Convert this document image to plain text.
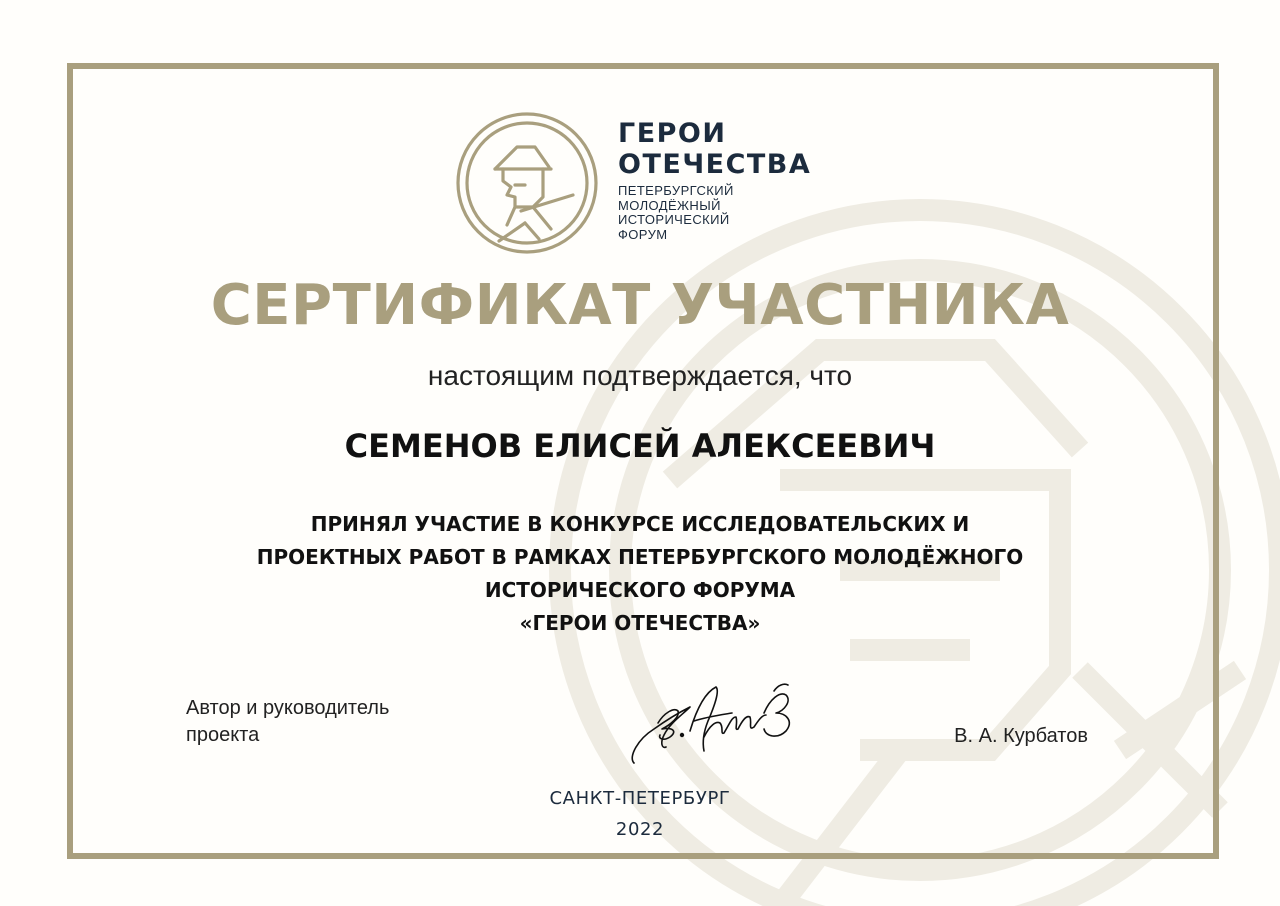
ГЕРОИ
ОТЕЧЕСТВА

ПЕТЕРБУРГСКИЙ
МОЛОДЁЖНЫЙ
ИСТОРИЧЕСКИЙ
ФОРУМ

СЕРТИФИКАТ УЧАСТНИКА
настоящим подтверждается, что
СЕМЕНОВ ЕЛИСЕЙ АЛЕКСЕЕВИЧ
ПРИНЯЛ УЧАСТИЕ В КОНКУРСЕ ИССЛЕДОВАТЕЛЬСКИХ И
ПРОЕКТНЫХ РАБОТ В РАМКАХ ПЕТЕРБУРГСКОГО МОЛОДЁЖНОГО
ИСТОРИЧЕСКОГО ФОРУМА
«ГЕРОИ ОТЕЧЕСТВА»
Автор и руководитель
проекта	В. А. Курбатов
САНКТ-ПЕТЕРБУРГ
2022
